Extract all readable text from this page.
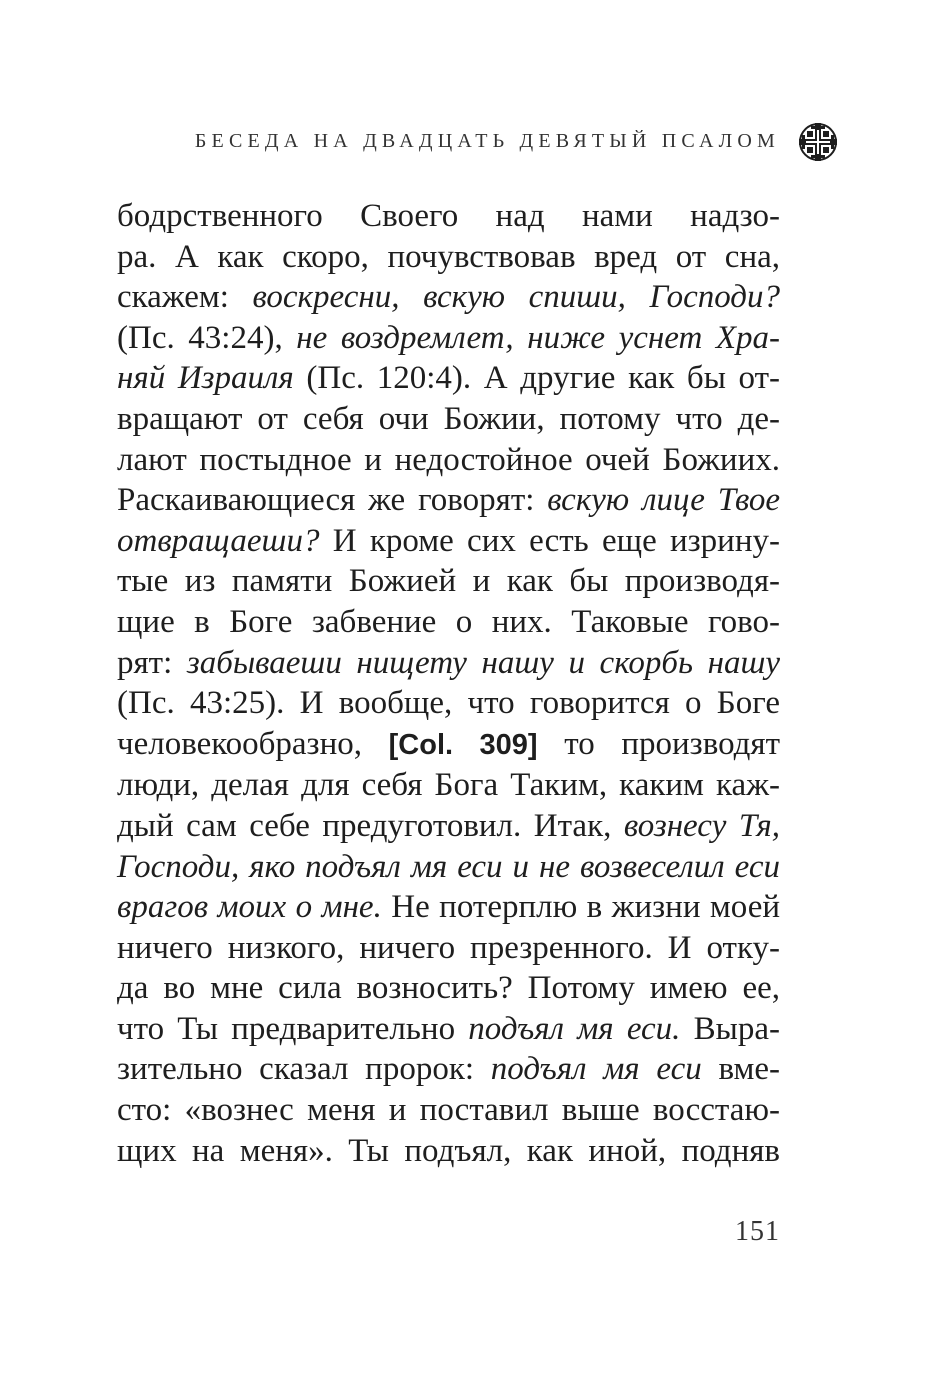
БЕСЕДА НА ДВАДЦАТЬ ДЕВЯТЫЙ ПСАЛОМ
бодрственного Своего над нами надзо-
ра. А как скоро, почувствовав вред от сна,
скажем: воскресни, вскую спиши, Господи?
(Пс. 43:24), не воздремлет, ниже уснет Хра-
няй Израиля (Пс. 120:4). А другие как бы от-
вращают от себя очи Божии, потому что де-
лают постыдное и недостойное очей Божиих.
Раскаивающиеся же говорят: вскую лице Твое
отвращаеши? И кроме сих есть еще изрину-
тые из памяти Божией и как бы производя-
щие в Боге забвение о них. Таковые гово-
рят: забываеши нищету нашу и скорбь нашу
(Пс. 43:25). И вообще, что говорится о Боге
человекообразно, [Col. 309] то производят
люди, делая для себя Бога Таким, каким каж-
дый сам себе предуготовил. Итак, вознесу Тя,
Господи, яко подъял мя еси и не возвеселил еси
врагов моих о мне. Не потерплю в жизни моей
ничего низкого, ничего презренного. И отку-
да во мне сила возносить? Потому имею ее,
что Ты предварительно подъял мя еси. Выра-
зительно сказал пророк: подъял мя еси вме-
сто: «вознес меня и поставил выше восстаю-
щих на меня». Ты подъял, как иной, подняв
151
